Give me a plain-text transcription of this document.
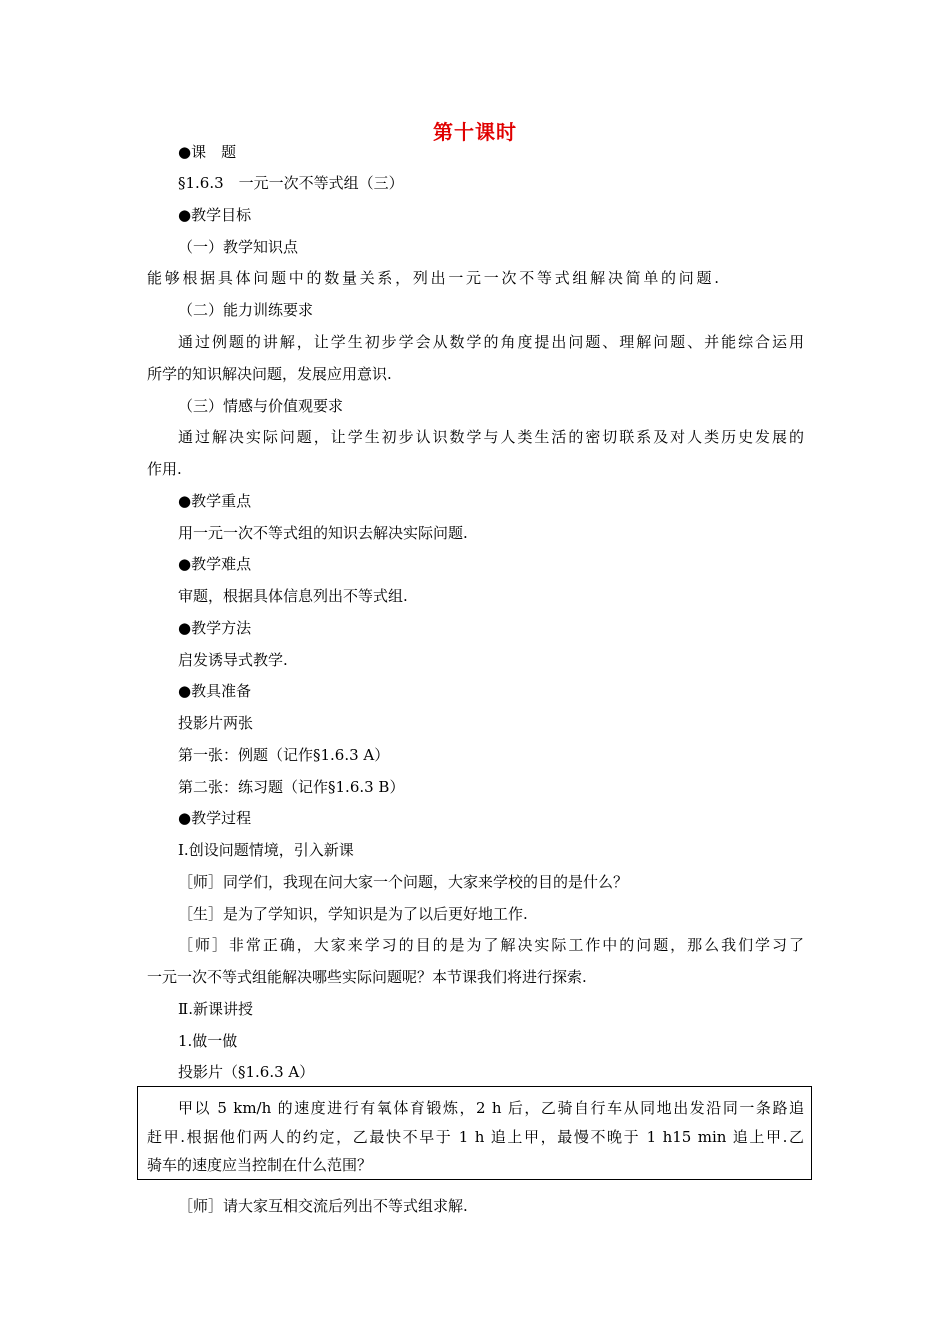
第十课时
●课　题
§1.6.3　一元一次不等式组（三）
●教学目标
（一）教学知识点
能够根据具体问题中的数量关系，列出一元一次不等式组解决简单的问题.
（二）能力训练要求
通过例题的讲解，让学生初步学会从数学的角度提出问题、理解问题、并能综合运用
所学的知识解决问题，发展应用意识.
（三）情感与价值观要求
通过解决实际问题，让学生初步认识数学与人类生活的密切联系及对人类历史发展的
作用.
●教学重点
用一元一次不等式组的知识去解决实际问题.
●教学难点
审题，根据具体信息列出不等式组.
●教学方法
启发诱导式教学.
●教具准备
投影片两张
第一张：例题（记作§1.6.3 A）
第二张：练习题（记作§1.6.3 B）
●教学过程
Ⅰ.创设问题情境，引入新课
［师］同学们，我现在问大家一个问题，大家来学校的目的是什么？
［生］是为了学知识，学知识是为了以后更好地工作.
［师］非常正确，大家来学习的目的是为了解决实际工作中的问题，那么我们学习了
一元一次不等式组能解决哪些实际问题呢？本节课我们将进行探索.
Ⅱ.新课讲授
1.做一做
投影片（§1.6.3 A）
甲以 5 km/h 的速度进行有氧体育锻炼，2 h 后，乙骑自行车从同地出发沿同一条路追
赶甲.根据他们两人的约定，乙最快不早于 1 h 追上甲，最慢不晚于 1 h15 min 追上甲.乙
骑车的速度应当控制在什么范围？
［师］请大家互相交流后列出不等式组求解.
